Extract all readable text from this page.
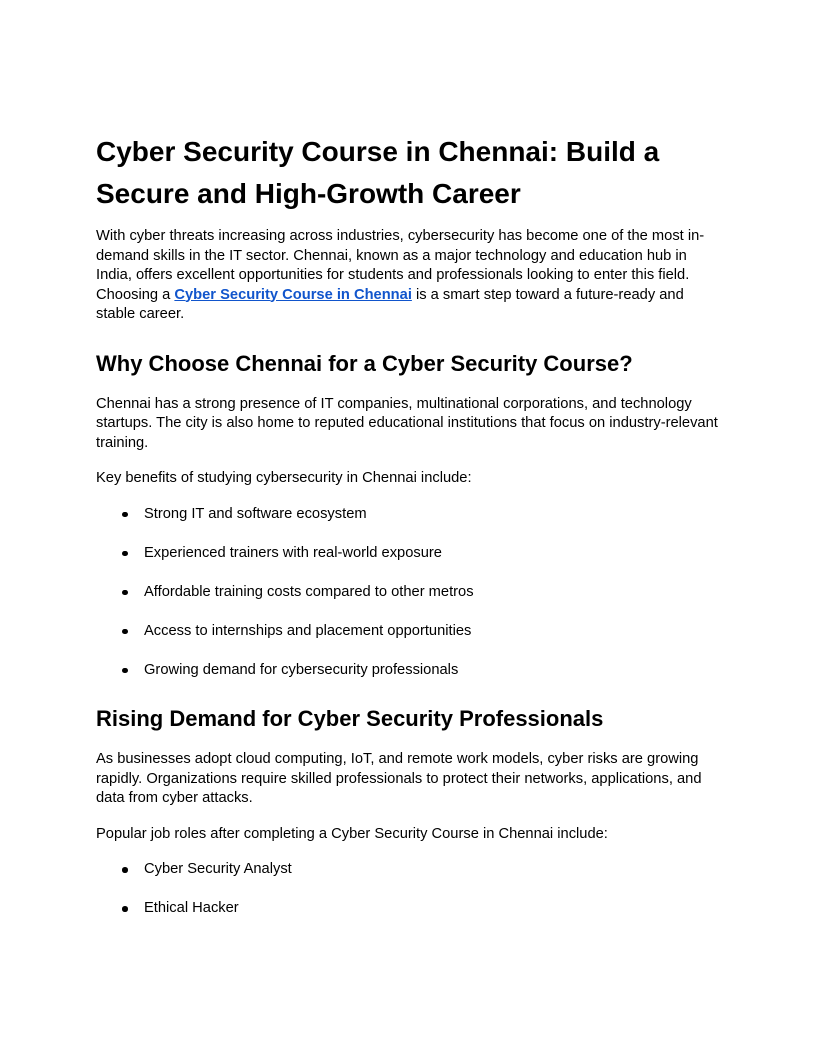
Cyber Security Course in Chennai: Build a Secure and High-Growth Career

With cyber threats increasing across industries, cybersecurity has become one of the most in-demand skills in the IT sector. Chennai, known as a major technology and education hub in India, offers excellent opportunities for students and professionals looking to enter this field. Choosing a Cyber Security Course in Chennai is a smart step toward a future-ready and stable career.

Why Choose Chennai for a Cyber Security Course?

Chennai has a strong presence of IT companies, multinational corporations, and technology startups. The city is also home to reputed educational institutions that focus on industry-relevant training.

Key benefits of studying cybersecurity in Chennai include:

Strong IT and software ecosystem
Experienced trainers with real-world exposure
Affordable training costs compared to other metros
Access to internships and placement opportunities
Growing demand for cybersecurity professionals
Rising Demand for Cyber Security Professionals

As businesses adopt cloud computing, IoT, and remote work models, cyber risks are growing rapidly. Organizations require skilled professionals to protect their networks, applications, and data from cyber attacks.

Popular job roles after completing a Cyber Security Course in Chennai include:

Cyber Security Analyst
Ethical Hacker
